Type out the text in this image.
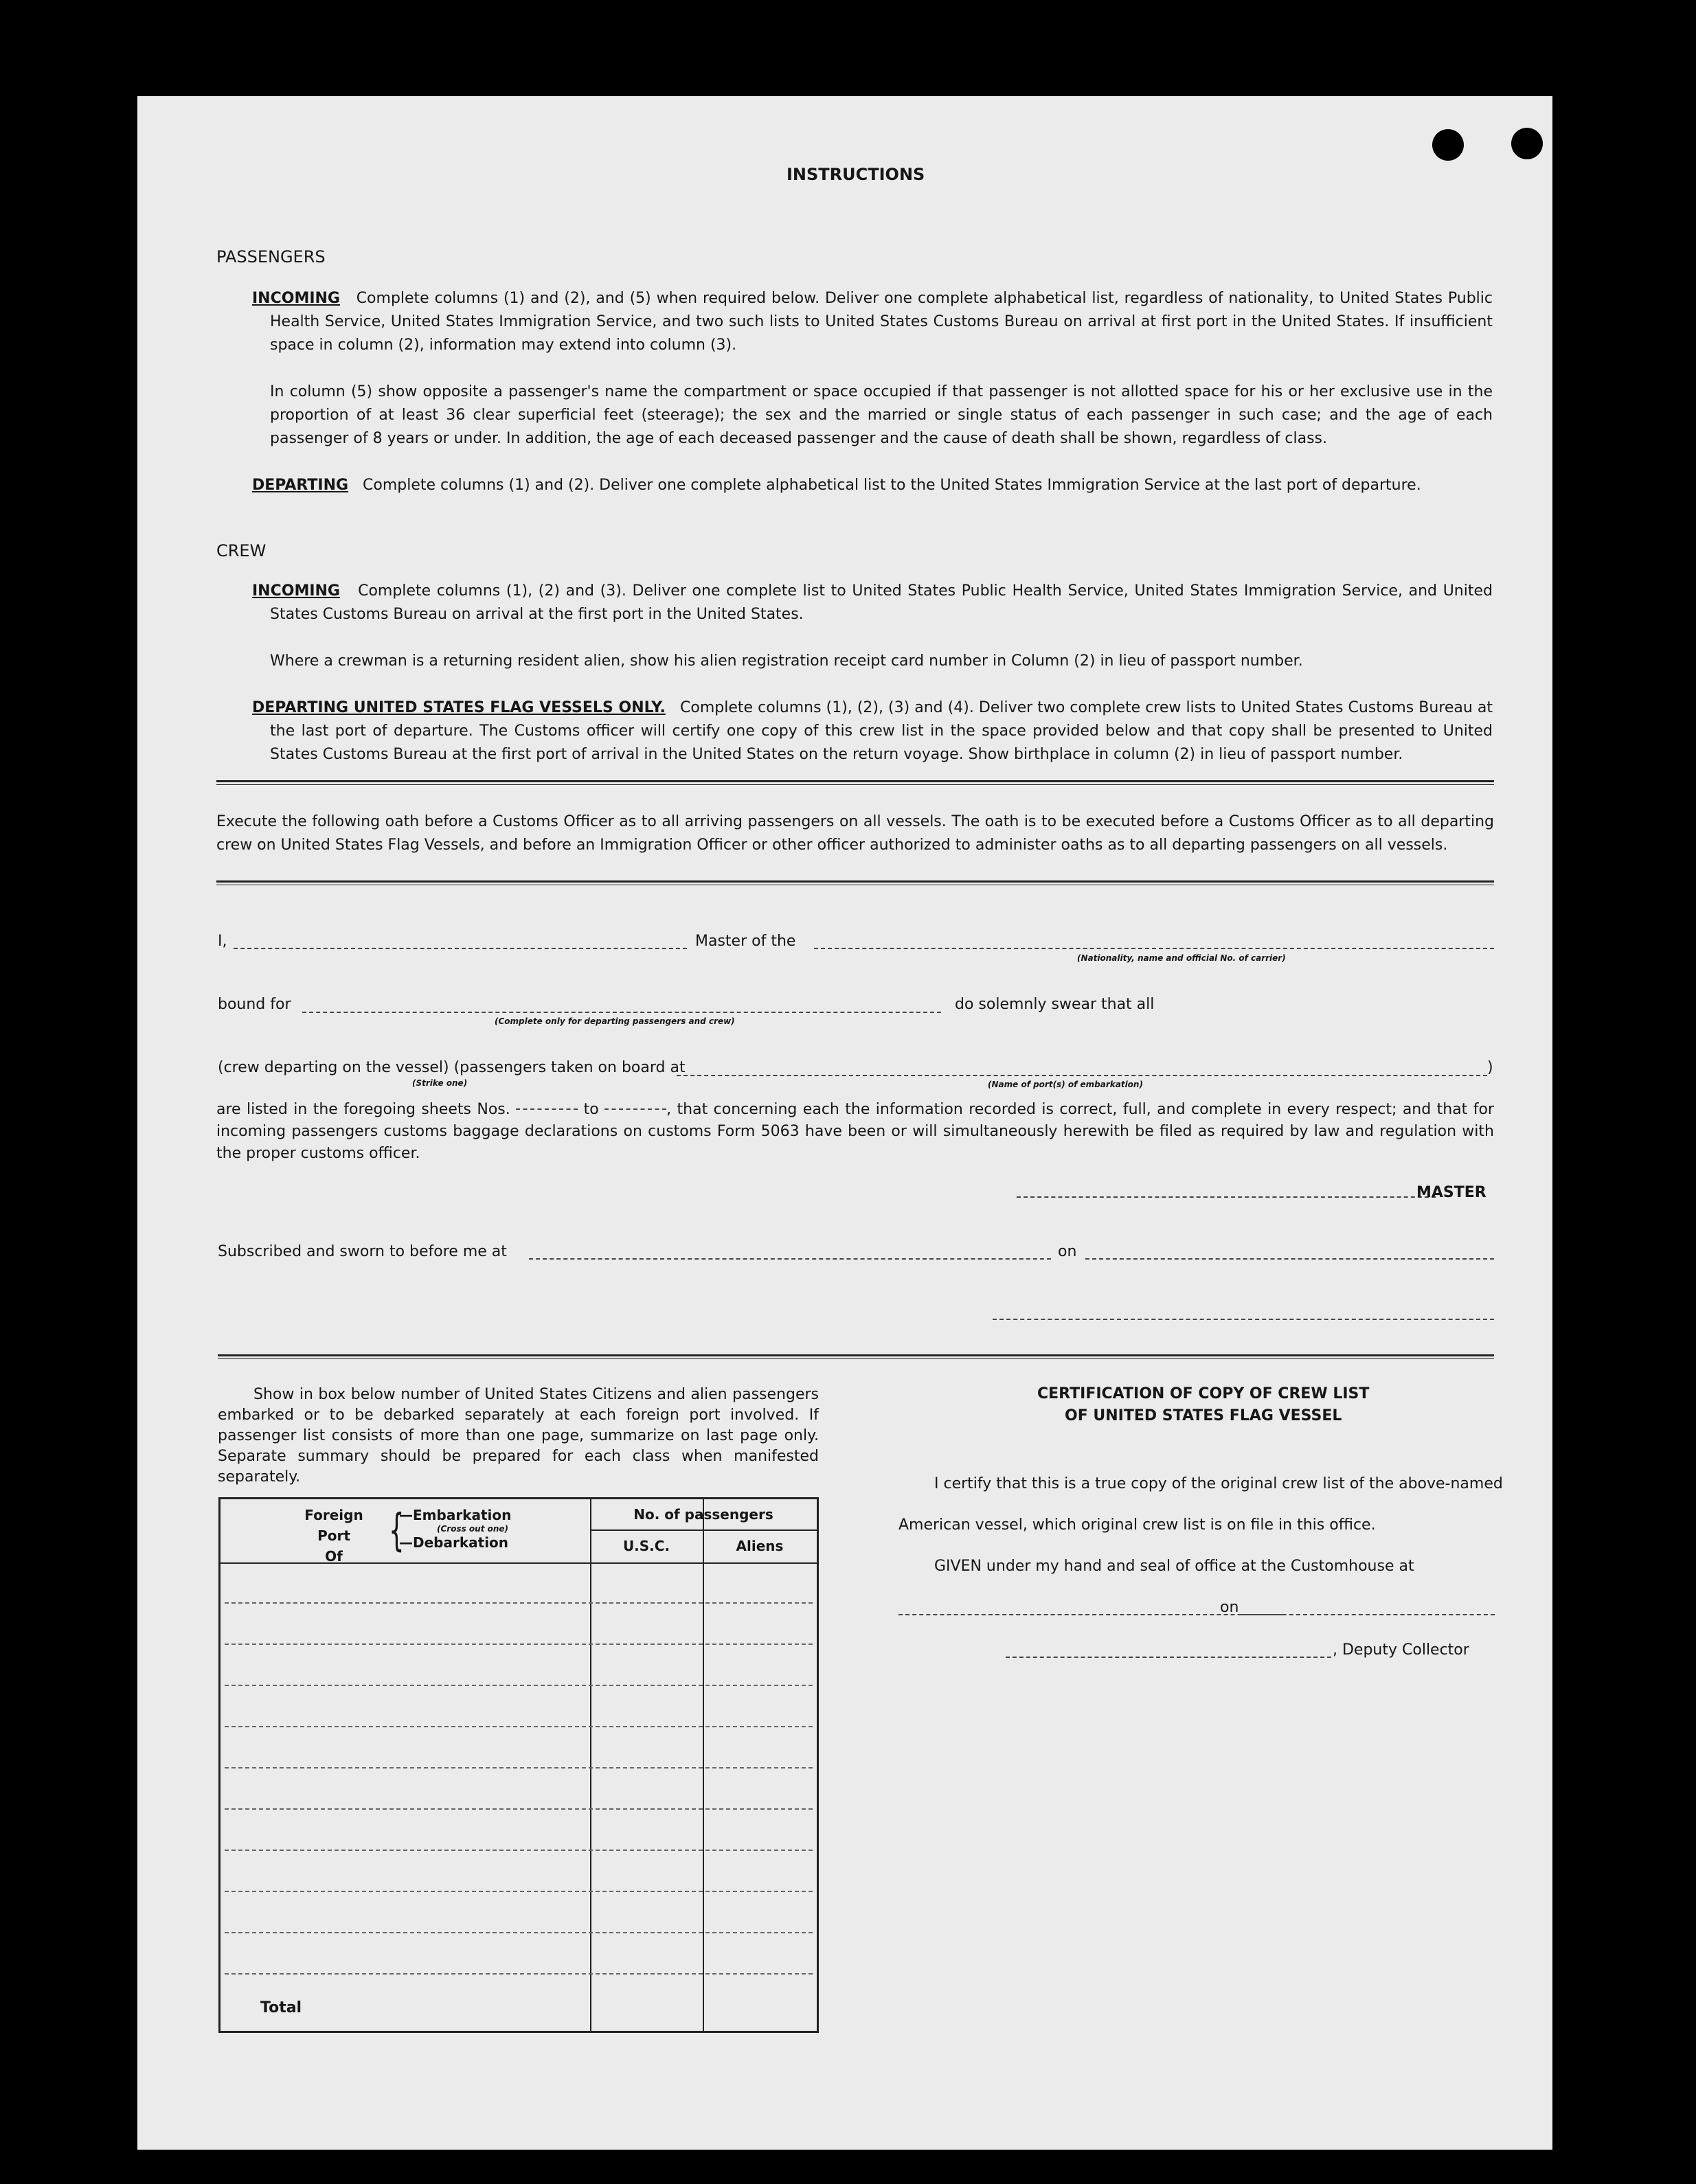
INSTRUCTIONS
PASSENGERS
INCOMING Complete columns (1) and (2), and (5) when required below. Deliver one complete alphabetical list, regardless of nationality, to United States Public Health Service, United States Immigration Service, and two such lists to United States Customs Bureau on arrival at first port in the United States. If insufficient space in column (2), information may extend into column (3).
In column (5) show opposite a passenger's name the compartment or space occupied if that passenger is not allotted space for his or her exclusive use in the proportion of at least 36 clear superficial feet (steerage); the sex and the married or single status of each passenger in such case; and the age of each passenger of 8 years or under. In addition, the age of each deceased passenger and the cause of death shall be shown, regardless of class.
DEPARTING Complete columns (1) and (2). Deliver one complete alphabetical list to the United States Immigration Service at the last port of departure.
CREW
INCOMING Complete columns (1), (2) and (3). Deliver one complete list to United States Public Health Service, United States Immigration Service, and United States Customs Bureau on arrival at the first port in the United States.
Where a crewman is a returning resident alien, show his alien registration receipt card number in Column (2) in lieu of passport number.
DEPARTING UNITED STATES FLAG VESSELS ONLY. Complete columns (1), (2), (3) and (4). Deliver two complete crew lists to United States Customs Bureau at the last port of departure. The Customs officer will certify one copy of this crew list in the space provided below and that copy shall be presented to United States Customs Bureau at the first port of arrival in the United States on the return voyage. Show birthplace in column (2) in lieu of passport number.
Execute the following oath before a Customs Officer as to all arriving passengers on all vessels. The oath is to be executed before a Customs Officer as to all departing crew on United States Flag Vessels, and before an Immigration Officer or other officer authorized to administer oaths as to all departing passengers on all vessels.
I,	Master of the
(Nationality, name and official No. of carrier)
bound for
(Complete only for departing passengers and crew)
do solemnly swear that all
(crew departing on the vessel) (passengers taken on board at
(Strike one)	(Name of port(s) of embarkation)
)
are listed in the foregoing sheets Nos.	to	, that concerning each the information recorded is correct, full, and complete in every respect; and that for incoming passengers customs baggage declarations on customs Form 5063 have been or will simultaneously herewith be filed as required by law and regulation with the proper customs officer.
MASTER
Subscribed and sworn to before me at	on
Show in box below number of United States Citizens and alien passengers embarked or to be debarked separately at each foreign port involved. If passenger list consists of more than one page, summarize on last page only. Separate summary should be prepared for each class when manifested separately.
Foreign
Port
Of	{
—Embarkation
(Cross out one)
—Debarkation
No. of passengers
U.S.C.	Aliens
Total
CERTIFICATION OF COPY OF CREW LIST
OF UNITED STATES FLAG VESSEL
I certify that this is a true copy of the original crew list of the above-named
American vessel, which original crew list is on file in this office.
GIVEN under my hand and seal of office at the Customhouse at
on
, Deputy Collector
